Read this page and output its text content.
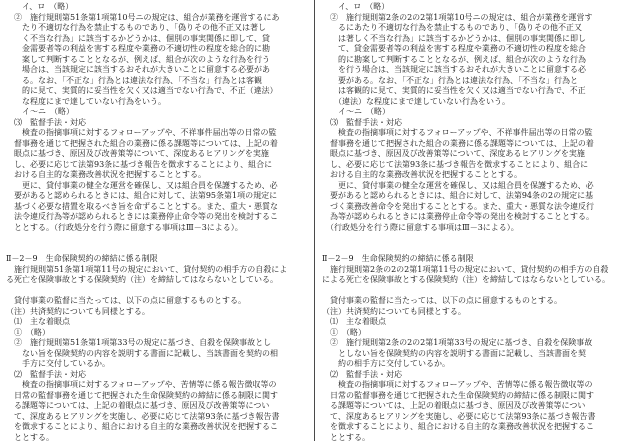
　　イ、ロ　（略）
　②　施行規則第51条第1項第10号ニの規定は、組合が業務を運営するにあ
　　たり不適切な行為を禁止するものであり、「偽りその他不正又は著し
　　く不当な行為」に該当するかどうかは、個別の事実関係に即して、貸
　　金需要者等の利益を害する程度や業務の不適切性の程度を総合的に勘
　　案して判断することとなるが、例えば、組合が次のような行為を行う
　　場合は、当該規定に該当するおそれが大きいことに留意する必要があ
　　る。なお、「不正な」行為とは違法な行為、「不当な」行為とは客観
　　的に見て、実質的に妥当性を欠く又は適当でない行為で、不正（違法）
　　な程度にまで達していない行為をいう。
　　イ〜ニ　（略）
　⑶　監督手法・対応
　　検査の指摘事項に対するフォローアップや、不祥事件届出等の日常の監
　督事務を通じて把握された組合の業務に係る課題等については、上記の着
　眼点に基づき、原因及び改善策等について、深度あるヒアリングを実施
　し、必要に応じて法第93条に基づき報告を徴求することにより、組合に
　おける自主的な業務改善状況を把握することとする。
　　更に、貸付事業の健全な運営を確保し、又は組合員を保護するため、必
　要があると認められるときには、組合に対して、法第95条第1項の規定に
　基づく必要な措置を取るべき旨を命ずることとする。また、重大・悪質な
　法令違反行為等が認められるときには業務停止命令等の発出を検討するこ
　ととする。（行政処分を行う際に留意する事項はⅢ－3による）。
Ⅱ－2－9　生命保険契約の締結に係る制限
　施行規則第51条第1項第11号の規定において、貸付契約の相手方の自殺によ
る死亡を保険事故とする保険契約（注）を締結してはならないとしている。
　貸付事業の監督に当たっては、以下の点に留意するものとする。
（注）共済契約についても同様とする。
　⑴　主な着眼点
　①　（略）
　②　施行規則第51条第1項第33号の規定に基づき、自殺を保険事故とし
　　ない旨を保険契約の内容を説明する書面に記載し、当該書面を契約の相
　　手方に交付しているか。
　⑵　監督手法・対応
　　検査の指摘事項に対するフォローアップや、苦情等に係る報告徴収等の
　日常の監督事務を通じて把握された生命保険契約の締結に係る制限に関す
　る課題等については、上記の着眼点に基づき、原因及び改善策等につい
　て、深度あるヒアリングを実施し、必要に応じて法第93条に基づき報告書
　を徴求することにより、組合における自主的な業務改善状況を把握するこ
　ととする。
　　イ、ロ　（略）
　②　施行規則第2条の2の2第1項第10号ニの規定は、組合が業務を運営す
　　るにあたり不適切な行為を禁止するものであり、「偽りその他不正又
　　は著しく不当な行為」に該当するかどうかは、個別の事実関係に即し
　　て、貸金需要者等の利益を害する程度や業務の不適切性の程度を総合
　　的に勘案して判断することとなるが、例えば、組合が次のような行為
　　を行う場合は、当該規定に該当するおそれが大きいことに留意する必
　　要がある。なお、「不正な」行為とは違法な行為、「不当な」行為と
　　は客観的に見て、実質的に妥当性を欠く又は適当でない行為で、不正
　　（違法）な程度にまで達していない行為をいう。
　　イ〜ニ　（略）
　⑶　監督手法・対応
　　検査の指摘事項に対するフォローアップや、不祥事件届出等の日常の監
　督事務を通じて把握された組合の業務に係る課題等については、上記の着
　眼点に基づき、原因及び改善策等について、深度あるヒアリングを実施
　し、必要に応じて法第93条に基づき報告を徴求することにより、組合に
　おける自主的な業務改善状況を把握することとする。
　　更に、貸付事業の健全な運営を確保し、又は組合員を保護するため、必
　要があると認められるときには、組合に対して、法第94条の2の規定に基
　づく業務改善命令を発出することとする。また、重大・悪質な法令違反行
　為等が認められるときには業務停止命令等の発出を検討することとする。
　（行政処分を行う際に留意する事項はⅢ－3による）。
Ⅱ－2－9　生命保険契約の締結に係る制限
　施行規則第2条の2の2第1項第11号の規定において、貸付契約の相手方の自殺
による死亡を保険事故とする保険契約（注）を締結してはならないとしている。
　貸付事業の監督に当たっては、以下の点に留意するものとする。
（注）共済契約についても同様とする。
　⑴　主な着眼点
　①　（略）
　②　施行規則第2条の2の2第1項第33号の規定に基づき、自殺を保険事故
　　としない旨を保険契約の内容を説明する書面に記載し、当該書面を契
　　約の相手方に交付しているか。
　⑵　監督手法・対応
　　検査の指摘事項に対するフォローアップや、苦情等に係る報告徴収等の
　日常の監督事務を通じて把握された生命保険契約の締結に係る制限に関す
　る課題等については、上記の着眼点に基づき、原因及び改善策等につい
　て、深度あるヒアリングを実施し、必要に応じて法第93条に基づき報告書
　を徴求することにより、組合における自主的な業務改善状況を把握するこ
　ととする。
